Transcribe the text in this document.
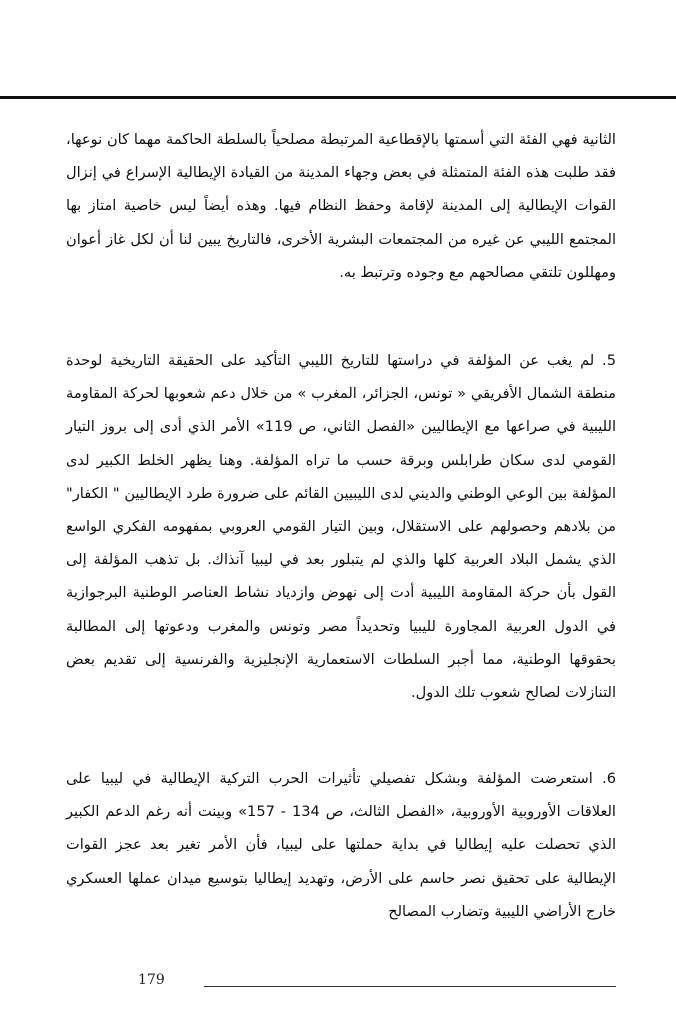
الثانية فهي الفئة التي أسمتها بالإقطاعية المرتبطة مصلحياً بالسلطة الحاكمة مهما كان نوعها، فقد طلبت هذه الفئة المتمثلة في بعض وجهاء المدينة من القيادة الإيطالية الإسراع في إنزال القوات الإيطالية إلى المدينة لإقامة وحفظ النظام فيها. وهذه أيضاً ليس خاصية امتاز بها المجتمع الليبي عن غيره من المجتمعات البشرية الأخرى، فالتاريخ يبين لنا أن لكل غاز أعوان ومهللون تلتقي مصالحهم مع وجوده وترتبط به.

5. لم يغب عن المؤلفة في دراستها للتاريخ الليبي التأكيد على الحقيقة التاريخية لوحدة منطقة الشمال الأفريقي « تونس، الجزائر، المغرب » من خلال دعم شعوبها لحركة المقاومة الليبية في صراعها مع الإيطاليين «الفصل الثاني، ص 119» الأمر الذي أدى إلى بروز التيار القومي لدى سكان طرابلس وبرقة حسب ما تراه المؤلفة. وهنا يظهر الخلط الكبير لدى المؤلفة بين الوعي الوطني والديني لدى الليبيين القائم على ضرورة طرد الإيطاليين " الكفار" من بلادهم وحصولهم على الاستقلال، وبين التيار القومي العروبي بمفهومه الفكري الواسع الذي يشمل البلاد العربية كلها والذي لم يتبلور بعد في ليبيا آنذاك. بل تذهب المؤلفة إلى القول بأن حركة المقاومة الليبية أدت إلى نهوض وازدياد نشاط العناصر الوطنية البرجوازية في الدول العربية المجاورة لليبيا وتحديداً مصر وتونس والمغرب ودعوتها إلى المطالبة بحقوقها الوطنية، مما أجبر السلطات الاستعمارية الإنجليزية والفرنسية إلى تقديم بعض التنازلات لصالح شعوب تلك الدول.

6. استعرضت المؤلفة وبشكل تفصيلي تأثيرات الحرب التركية الإيطالية في ليبيا على العلاقات الأوروبية الأوروبية، «الفصل الثالث، ص 134 - 157» وبينت أنه رغم الدعم الكبير الذي تحصلت عليه إيطاليا في بداية حملتها على ليبيا، فأن الأمر تغير بعد عجز القوات الإيطالية على تحقيق نصر حاسم على الأرض، وتهديد إيطاليا بتوسيع ميدان عملها العسكري خارج الأراضي الليبية وتضارب المصالح

179
